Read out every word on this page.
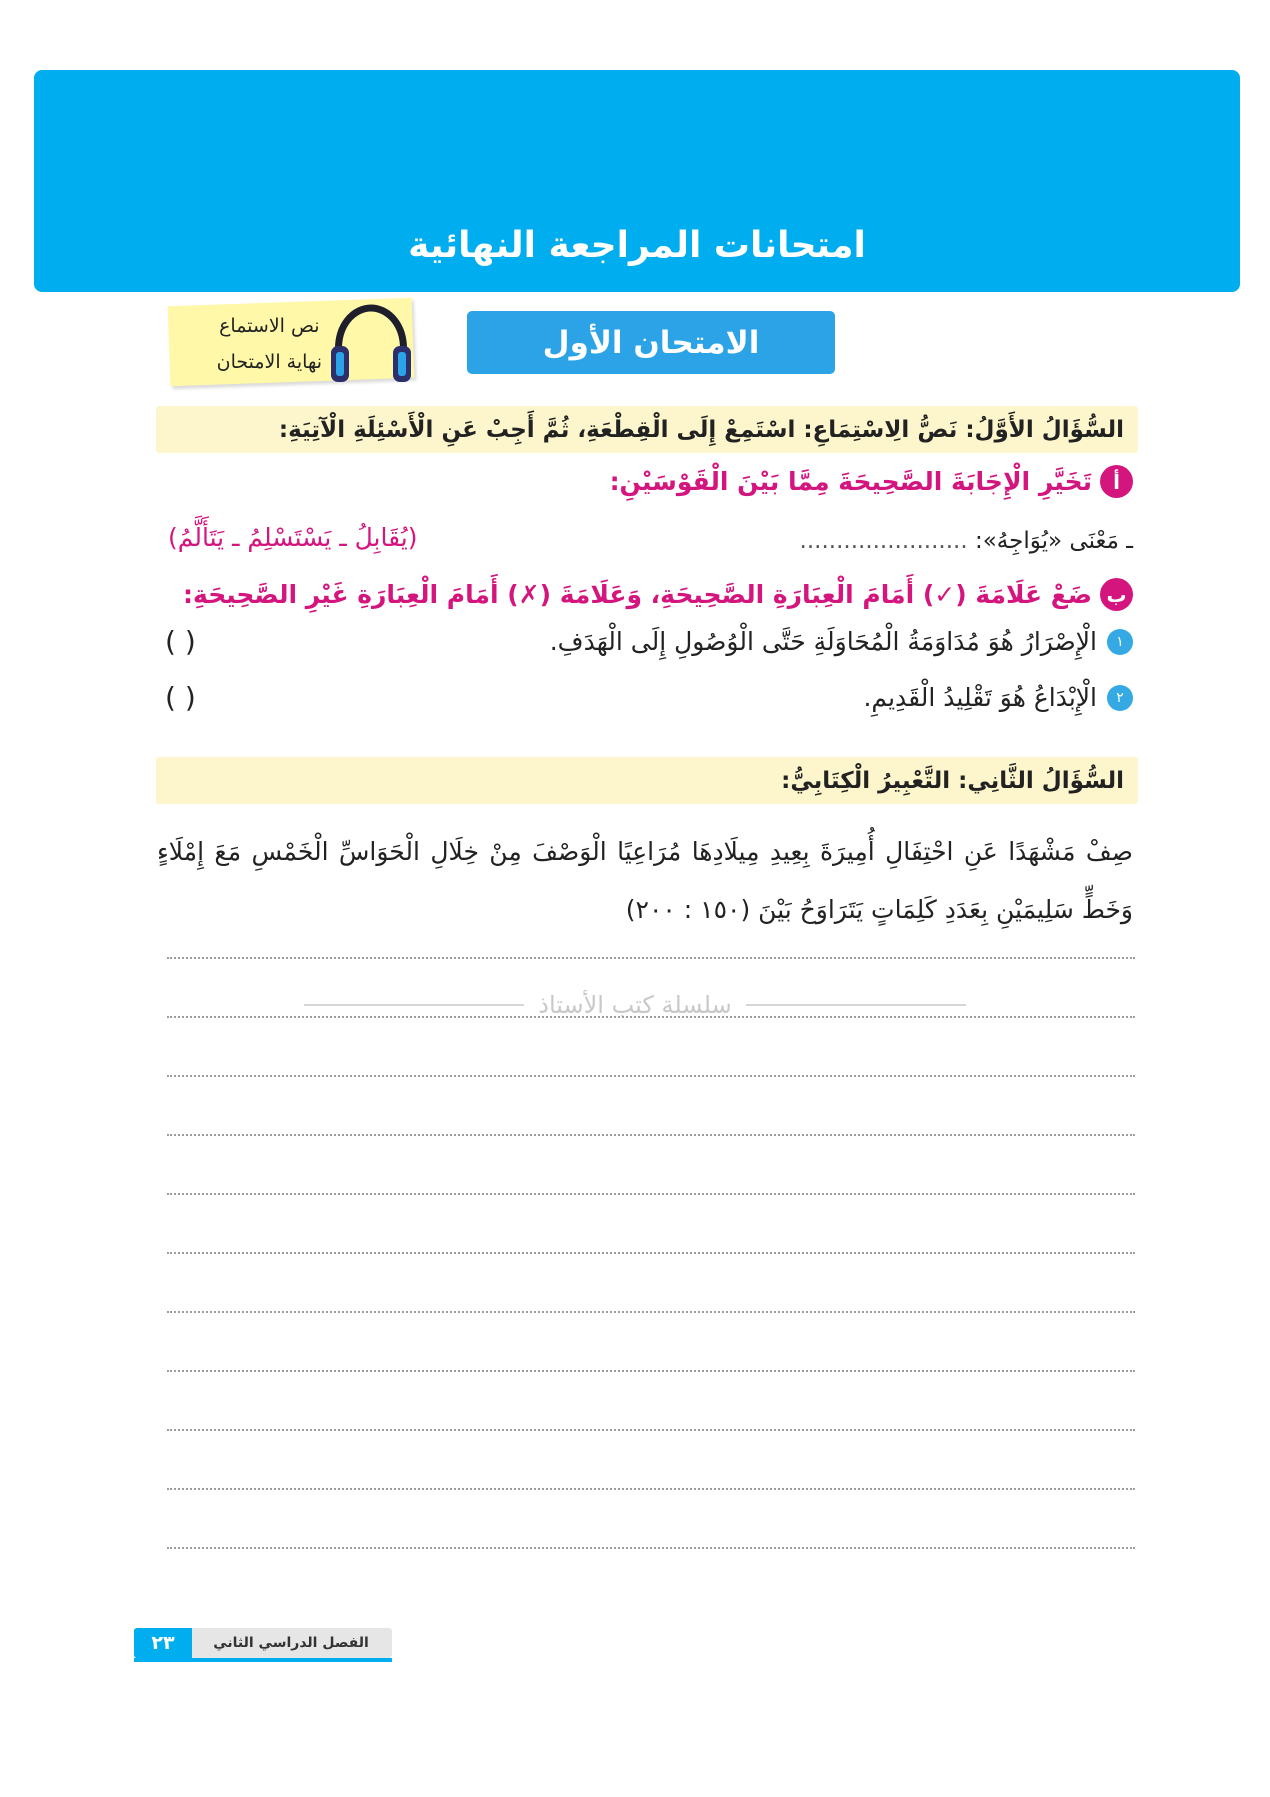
امتحانات المراجعة النهائية
نص الاستماع
نهاية الامتحان
الامتحان الأول
السُّؤَالُ الأَوَّلُ: نَصُّ الِاسْتِمَاعِ: اسْتَمِعْ إِلَى الْقِطْعَةِ، ثُمَّ أَجِبْ عَنِ الْأَسْئِلَةِ الْآتِيَةِ:
أ
تَخَيَّرِ الْإِجَابَةَ الصَّحِيحَةَ مِمَّا بَيْنَ الْقَوْسَيْنِ:
ـ مَعْنَى «يُوَاجِهُ»: .......................
(يُقَابِلُ ـ يَسْتَسْلِمُ ـ يَتَأَلَّمُ)
ب
ضَعْ عَلَامَةَ (✓) أَمَامَ الْعِبَارَةِ الصَّحِيحَةِ، وَعَلَامَةَ (✗) أَمَامَ الْعِبَارَةِ غَيْرِ الصَّحِيحَةِ:
١
الْإِصْرَارُ هُوَ مُدَاوَمَةُ الْمُحَاوَلَةِ حَتَّى الْوُصُولِ إِلَى الْهَدَفِ.
( )
٢
الْإِبْدَاعُ هُوَ تَقْلِيدُ الْقَدِيمِ.
( )
السُّؤَالُ الثَّانِي: التَّعْبِيرُ الْكِتَابِيُّ:
صِفْ مَشْهَدًا عَنِ احْتِفَالِ أُمِيرَةَ بِعِيدِ مِيلَادِهَا مُرَاعِيًا الْوَصْفَ مِنْ خِلَالِ الْحَوَاسِّ الْخَمْسِ مَعَ إِمْلَاءٍ وَخَطٍّ سَلِيمَيْنِ بِعَدَدِ كَلِمَاتٍ يَتَرَاوَحُ بَيْنَ (١٥٠ : ٢٠٠)
سلسلة كتب الأستاذ
الفصل الدراسي الثاني
٢٣
